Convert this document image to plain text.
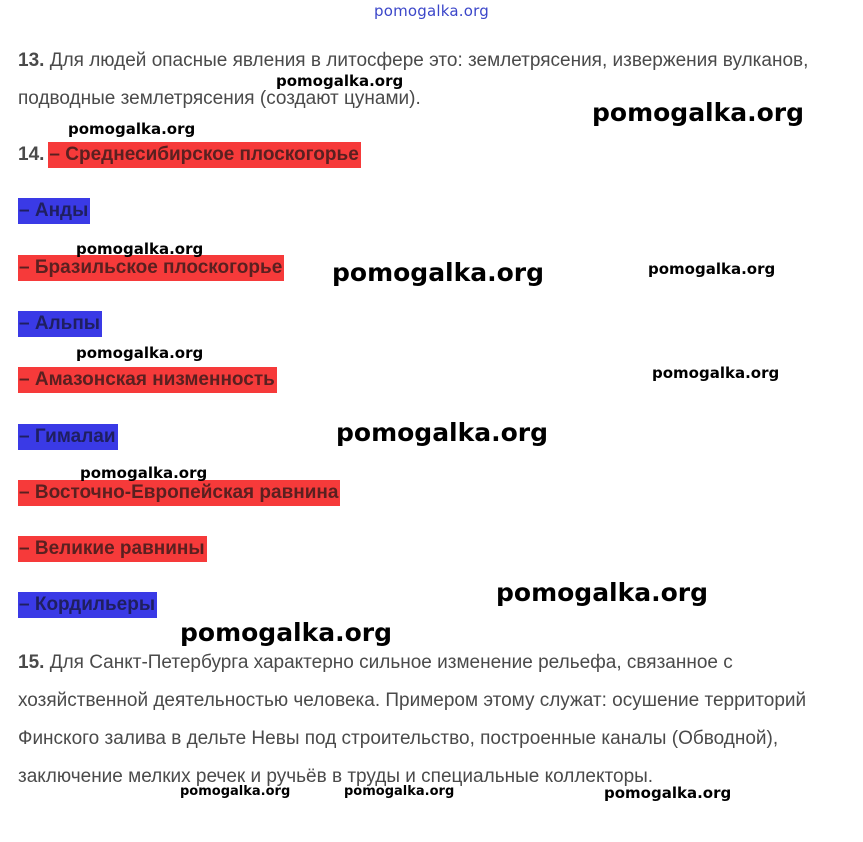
pomogalka.org

13. Для людей опасные явления в литосфере это: землетрясения, извержения вулканов, подводные землетрясения (создают цунами).

14. – Среднесибирское плоскогорье
– Анды
– Бразильское плоскогорье
– Альпы
– Амазонская низменность
– Гималаи
– Восточно-Европейская равнина
– Великие равнины
– Кордильеры

15. Для Санкт-Петербурга характерно сильное изменение рельефа, связанное с хозяйственной деятельностью человека. Примером этому служат: осушение территорий Финского залива в дельте Невы под строительство, построенные каналы (Обводной), заключение мелких речек и ручьёв в труды и специальные коллекторы.

pomogalka.org
pomogalka.org
pomogalka.org
pomogalka.org
pomogalka.org	pomogalka.org
pomogalka.org
pomogalka.org
pomogalka.org
pomogalka.org
pomogalka.org
pomogalka.org
pomogalka.org
pomogalka.org	pomogalka.org
